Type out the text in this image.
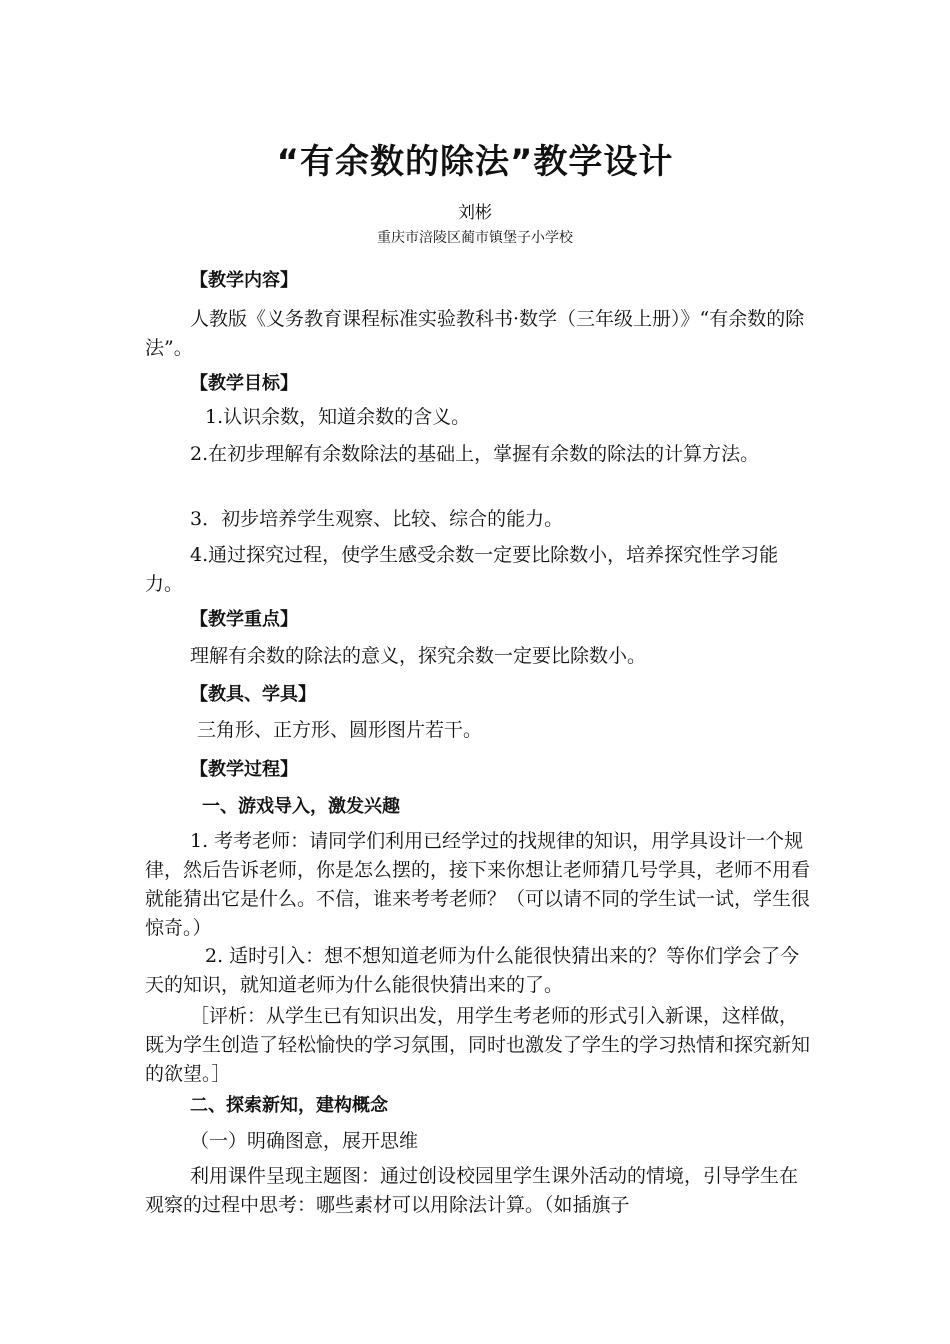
“有余数的除法”教学设计
刘彬
重庆市涪陵区蔺市镇堡子小学校
【教学内容】
人教版《义务教育课程标准实验教科书·数学（三年级上册）》“有余数的除法”。
【教学目标】
1.认识余数，知道余数的含义。
2.在初步理解有余数除法的基础上，掌握有余数的除法的计算方法。
3．初步培养学生观察、比较、综合的能力。
4.通过探究过程，使学生感受余数一定要比除数小，培养探究性学习能力。
【教学重点】
理解有余数的除法的意义，探究余数一定要比除数小。
【教具、学具】
三角形、正方形、圆形图片若干。
【教学过程】
一、游戏导入，激发兴趣
1. 考考老师：请同学们利用已经学过的找规律的知识，用学具设计一个规律，然后告诉老师，你是怎么摆的，接下来你想让老师猜几号学具，老师不用看就能猜出它是什么。不信，谁来考考老师？（可以请不同的学生试一试，学生很惊奇。）
2. 适时引入：想不想知道老师为什么能很快猜出来的？等你们学会了今天的知识，就知道老师为什么能很快猜出来的了。
［评析：从学生已有知识出发，用学生考老师的形式引入新课，这样做，既为学生创造了轻松愉快的学习氛围，同时也激发了学生的学习热情和探究新知的欲望。］
二、探索新知，建构概念
（一）明确图意，展开思维
利用课件呈现主题图：通过创设校园里学生课外活动的情境，引导学生在观察的过程中思考：哪些素材可以用除法计算。（如插旗子
